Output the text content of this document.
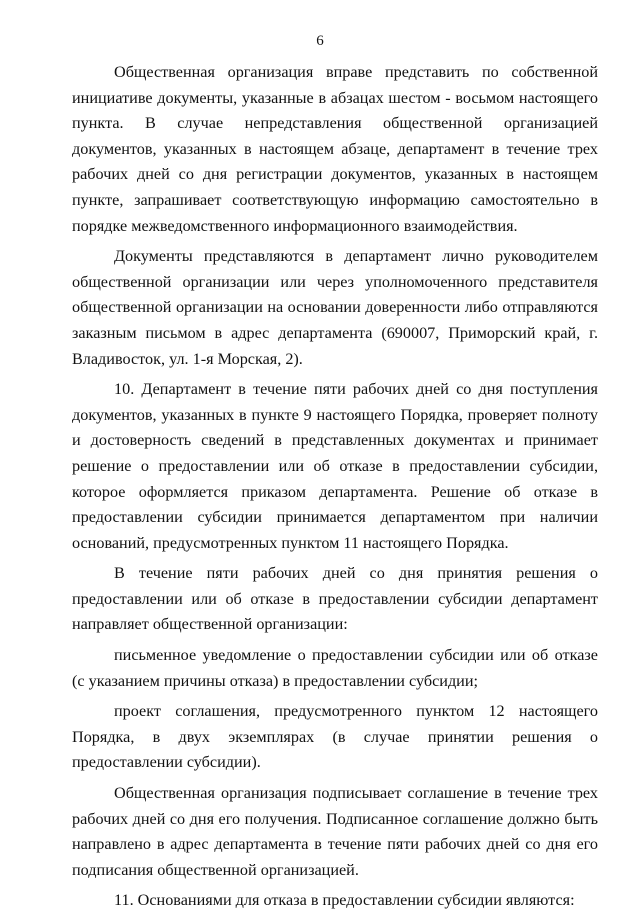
6

Общественная организация вправе представить по собственной инициативе документы, указанные в абзацах шестом - восьмом настоящего пункта. В случае непредставления общественной организацией документов, указанных в настоящем абзаце, департамент в течение трех рабочих дней со дня регистрации документов, указанных в настоящем пункте, запрашивает соответствующую информацию самостоятельно в порядке межведомственного информационного взаимодействия.

Документы представляются в департамент лично руководителем общественной организации или через уполномоченного представителя общественной организации на основании доверенности либо отправляются заказным письмом в адрес департамента (690007, Приморский край, г. Владивосток, ул. 1-я Морская, 2).

10. Департамент в течение пяти рабочих дней со дня поступления документов, указанных в пункте 9 настоящего Порядка, проверяет полноту и достоверность сведений в представленных документах и принимает решение о предоставлении или об отказе в предоставлении субсидии, которое оформляется приказом департамента. Решение об отказе в предоставлении субсидии принимается департаментом при наличии оснований, предусмотренных пунктом 11 настоящего Порядка.

В течение пяти рабочих дней со дня принятия решения о предоставлении или об отказе в предоставлении субсидии департамент направляет общественной организации:

письменное уведомление о предоставлении субсидии или об отказе (с указанием причины отказа) в предоставлении субсидии;

проект соглашения, предусмотренного пунктом 12 настоящего Порядка, в двух экземплярах (в случае принятии решения о предоставлении субсидии).

Общественная организация подписывает соглашение в течение трех рабочих дней со дня его получения. Подписанное соглашение должно быть направлено в адрес департамента в течение пяти рабочих дней со дня его подписания общественной организацией.

11. Основаниями для отказа в предоставлении субсидии являются:
